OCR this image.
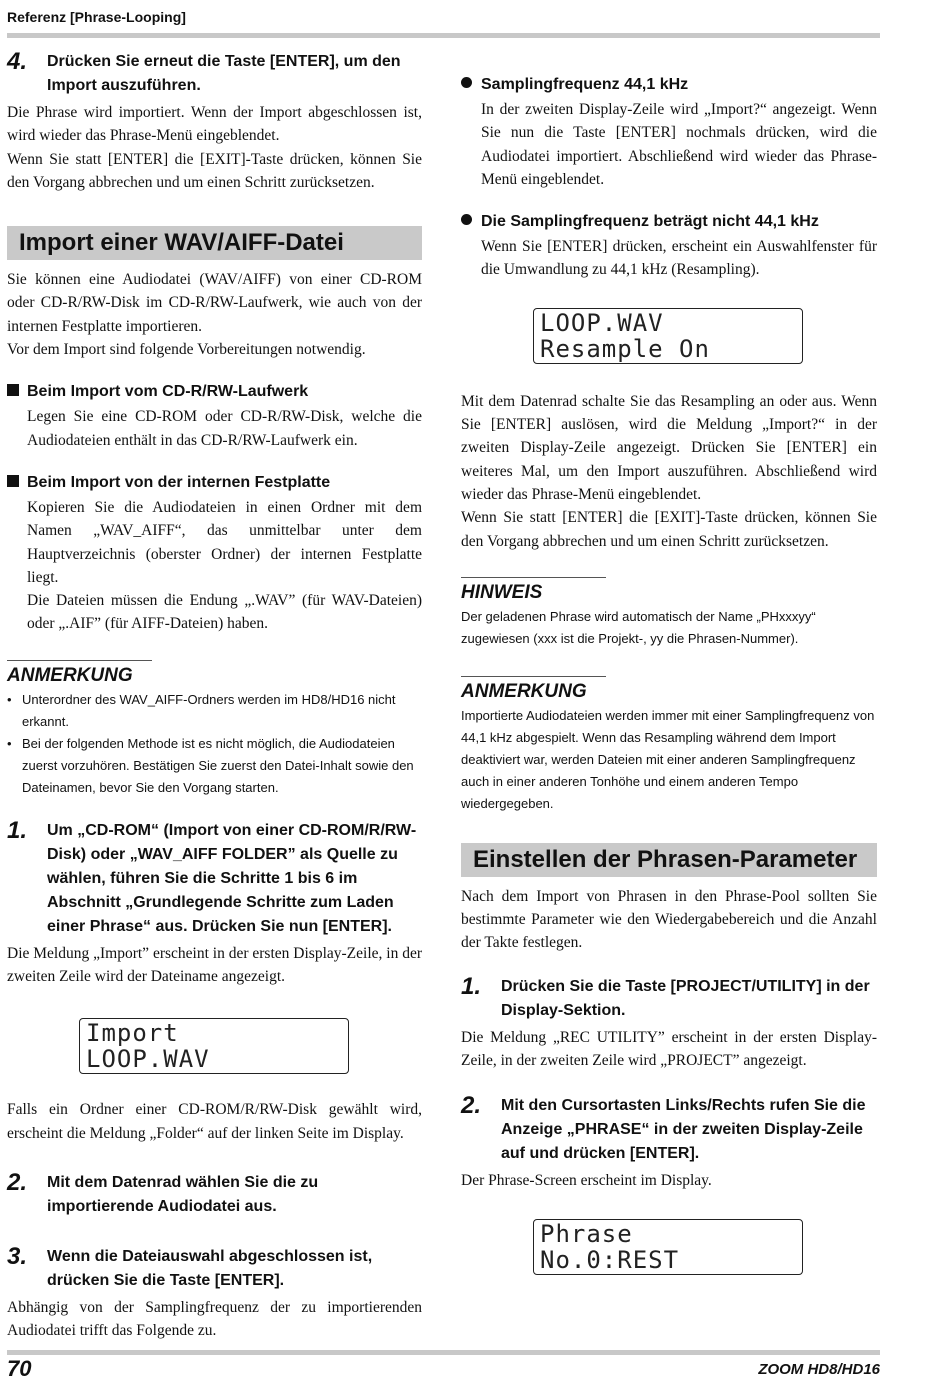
Referenz [Phrase-Looping]
4.	Drücken Sie erneut die Taste [ENTER], um den Import auszuführen.

Die Phrase wird importiert. Wenn der Import abgeschlossen ist, wird wieder das Phrase-Menü eingeblendet.

Wenn Sie statt [ENTER] die [EXIT]-Taste drücken, können Sie den Vorgang abbrechen und um einen Schritt zurücksetzen.

Import einer WAV/AIFF-Datei

Sie können eine Audiodatei (WAV/AIFF) von einer CD-ROM oder CD-R/RW-Disk im CD-R/RW-Laufwerk, wie auch von der internen Festplatte importieren.

Vor dem Import sind folgende Vorbereitungen notwendig.

Beim Import vom CD-R/RW-Laufwerk
Legen Sie eine CD-ROM oder CD-R/RW-Disk, welche die Audiodateien enthält in das CD-R/RW-Laufwerk ein.
Beim Import von der internen Festplatte

Kopieren Sie die Audiodateien in einen Ordner mit dem Namen „WAV_AIFF“, das unmittelbar unter dem Hauptverzeichnis (oberster Ordner) der internen Festplatte liegt.

Die Dateien müssen die Endung „.WAV” (für WAV-Dateien) oder „.AIF” (für AIFF-Dateien) haben.

ANMERKUNG
• Unterordner des WAV_AIFF-Ordners werden im HD8/HD16 nicht erkannt.
• Bei der folgenden Methode ist es nicht möglich, die Audiodateien zuerst vorzuhören. Bestätigen Sie zuerst den Datei-Inhalt sowie den Dateinamen, bevor Sie den Vorgang starten.
1.	Um „CD-ROM“ (Import von einer CD-ROM/R/RW-Disk) oder „WAV_AIFF FOLDER” als Quelle zu wählen, führen Sie die Schritte 1 bis 6 im Abschnitt „Grundlegende Schritte zum Laden einer Phrase“ aus. Drücken Sie nun [ENTER].
Die Meldung „Import” erscheint in der ersten Display-Zeile, in der zweiten Zeile wird der Dateiname angezeigt.
Import
LOOP.WAV
Falls ein Ordner einer CD-ROM/R/RW-Disk gewählt wird, erscheint die Meldung „Folder“ auf der linken Seite im Display.
2.	Mit dem Datenrad wählen Sie die zu importierende Audiodatei aus.
3.	Wenn die Dateiauswahl abgeschlossen ist, drücken Sie die Taste [ENTER].
Abhängig von der Samplingfrequenz der zu importierenden Audiodatei trifft das Folgende zu.
Samplingfrequenz 44,1 kHz
In der zweiten Display-Zeile wird „Import?“ angezeigt. Wenn Sie nun die Taste [ENTER] nochmals drücken, wird die Audiodatei importiert. Abschließend wird wieder das Phrase-Menü eingeblendet.
Die Samplingfrequenz beträgt nicht 44,1 kHz
Wenn Sie [ENTER] drücken, erscheint ein Auswahlfenster für die Umwandlung zu 44,1 kHz (Resampling).
LOOP.WAV
Resample On

Mit dem Datenrad schalte Sie das Resampling an oder aus. Wenn Sie [ENTER] auslösen, wird die Meldung „Import?“ in der zweiten Display-Zeile angezeigt. Drücken Sie [ENTER] ein weiteres Mal, um den Import auszuführen. Abschließend wird wieder das Phrase-Menü eingeblendet.

Wenn Sie statt [ENTER] die [EXIT]-Taste drücken, können Sie den Vorgang abbrechen und um einen Schritt zurücksetzen.

HINWEIS
Der geladenen Phrase wird automatisch der Name „PHxxxyy“ zugewiesen (xxx ist die Projekt-, yy die Phrasen-Nummer).
ANMERKUNG
Importierte Audiodateien werden immer mit einer Samplingfrequenz von 44,1 kHz abgespielt. Wenn das Resampling während dem Import deaktiviert war, werden Dateien mit einer anderen Samplingfrequenz auch in einer anderen Tonhöhe und einem anderen Tempo wiedergegeben.
Einstellen der Phrasen-Parameter
Nach dem Import von Phrasen in den Phrase-Pool sollten Sie bestimmte Parameter wie den Wiedergabebereich und die Anzahl der Takte festlegen.
1.	Drücken Sie die Taste [PROJECT/UTILITY] in der Display-Sektion.
Die Meldung „REC UTILITY” erscheint in der ersten Display-Zeile, in der zweiten Zeile wird „PROJECT” angezeigt.
2.	Mit den Cursortasten Links/Rechts rufen Sie die Anzeige „PHRASE“ in der zweiten Display-Zeile auf und drücken [ENTER].
Der Phrase-Screen erscheint im Display.
Phrase
No.0:REST
70	ZOOM HD8/HD16
